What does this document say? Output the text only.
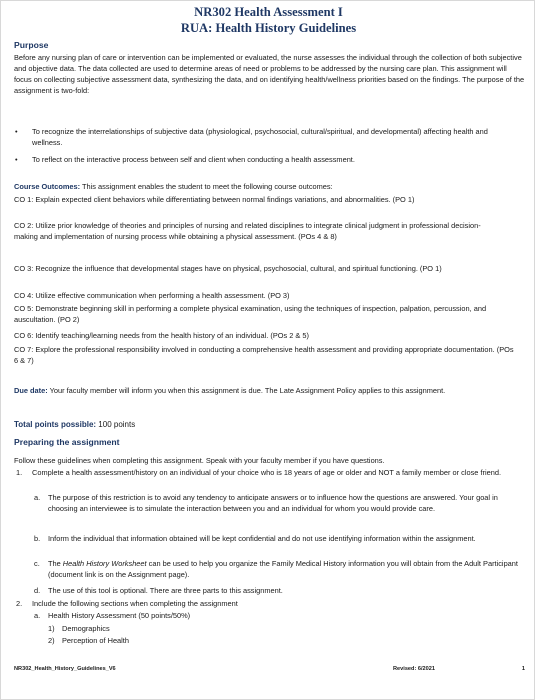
NR302 Health Assessment I
RUA: Health History Guidelines
Purpose
Before any nursing plan of care or intervention can be implemented or evaluated, the nurse assesses the individual through the collection of both subjective and objective data. The data collected are used to determine areas of need or problems to be addressed by the nursing care plan. This assignment will focus on collecting subjective assessment data, synthesizing the data, and on identifying health/wellness priorities based on the findings. The purpose of the assignment is two-fold:
• To recognize the interrelationships of subjective data (physiological, psychosocial, cultural/spiritual, and developmental) affecting health and wellness.
• To reflect on the interactive process between self and client when conducting a health assessment.
Course Outcomes: This assignment enables the student to meet the following course outcomes:
CO 1: Explain expected client behaviors while differentiating between normal findings variations, and abnormalities. (PO 1)
CO 2: Utilize prior knowledge of theories and principles of nursing and related disciplines to integrate clinical judgment in professional decision-making and implementation of nursing process while obtaining a physical assessment. (POs 4 & 8)
CO 3: Recognize the influence that developmental stages have on physical, psychosocial, cultural, and spiritual functioning. (PO 1)
CO 4: Utilize effective communication when performing a health assessment. (PO 3)
CO 5: Demonstrate beginning skill in performing a complete physical examination, using the techniques of inspection, palpation, percussion, and auscultation. (PO 2)
CO 6: Identify teaching/learning needs from the health history of an individual. (POs 2 & 5)
CO 7: Explore the professional responsibility involved in conducting a comprehensive health assessment and providing appropriate documentation. (POs 6 & 7)
Due date: Your faculty member will inform you when this assignment is due. The Late Assignment Policy applies to this assignment.
Total points possible: 100 points
Preparing the assignment
Follow these guidelines when completing this assignment. Speak with your faculty member if you have questions.
1. Complete a health assessment/history on an individual of your choice who is 18 years of age or older and NOT a family member or close friend.
a. The purpose of this restriction is to avoid any tendency to anticipate answers or to influence how the questions are answered. Your goal in choosing an interviewee is to simulate the interaction between you and an individual for whom you would provide care.
b. Inform the individual that information obtained will be kept confidential and do not use identifying information within the assignment.
c. The Health History Worksheet can be used to help you organize the Family Medical History information you will obtain from the Adult Participant (document link is on the Assignment page).
d. The use of this tool is optional. There are three parts to this assignment.
2. Include the following sections when completing the assignment
a. Health History Assessment (50 points/50%)
1) Demographics
2) Perception of Health
NR302_Health_History_Guidelines_V6	Revised: 6/2021	1
